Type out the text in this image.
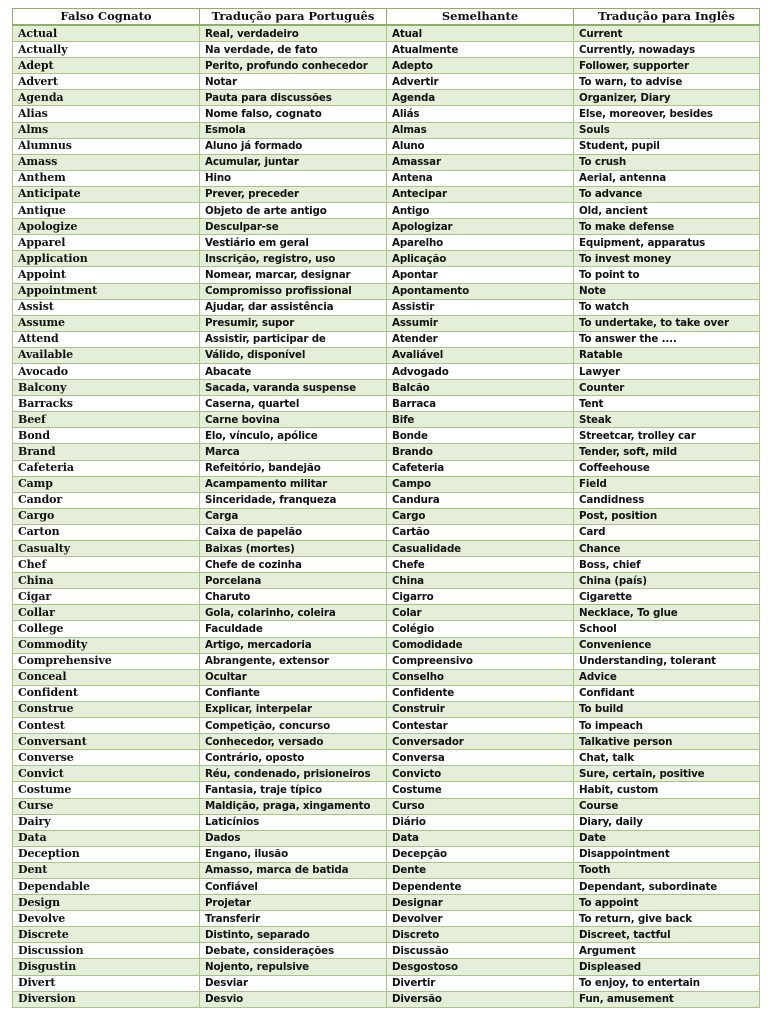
Falso Cognato	Tradução para Português	Semelhante	Tradução para Inglês
Actual	Real, verdadeiro	Atual	Current
Actually	Na verdade, de fato	Atualmente	Currently, nowadays
Adept	Perito, profundo conhecedor	Adepto	Follower, supporter
Advert	Notar	Advertir	To warn, to advise
Agenda	Pauta para discussões	Agenda	Organizer, Diary
Alias	Nome falso, cognato	Aliás	Else, moreover, besides
Alms	Esmola	Almas	Souls
Alumnus	Aluno já formado	Aluno	Student, pupil
Amass	Acumular, juntar	Amassar	To crush
Anthem	Hino	Antena	Aerial, antenna
Anticipate	Prever, preceder	Antecipar	To advance
Antique	Objeto de arte antigo	Antigo	Old, ancient
Apologize	Desculpar-se	Apologizar	To make defense
Apparel	Vestiário em geral	Aparelho	Equipment, apparatus
Application	Inscrição, registro, uso	Aplicação	To invest money
Appoint	Nomear, marcar, designar	Apontar	To point to
Appointment	Compromisso profissional	Apontamento	Note
Assist	Ajudar, dar assistência	Assistir	To watch
Assume	Presumir, supor	Assumir	To undertake, to take over
Attend	Assistir, participar de	Atender	To answer the ....
Available	Válido, disponível	Avaliável	Ratable
Avocado	Abacate	Advogado	Lawyer
Balcony	Sacada, varanda suspense	Balcão	Counter
Barracks	Caserna, quartel	Barraca	Tent
Beef	Carne bovina	Bife	Steak
Bond	Elo, vínculo, apólice	Bonde	Streetcar, trolley car
Brand	Marca	Brando	Tender, soft, mild
Cafeteria	Refeitório, bandejão	Cafeteria	Coffeehouse
Camp	Acampamento militar	Campo	Field
Candor	Sinceridade, franqueza	Candura	Candidness
Cargo	Carga	Cargo	Post, position
Carton	Caixa de papelão	Cartão	Card
Casualty	Baixas (mortes)	Casualidade	Chance
Chef	Chefe de cozinha	Chefe	Boss, chief
China	Porcelana	China	China (país)
Cigar	Charuto	Cigarro	Cigarette
Collar	Gola, colarinho, coleira	Colar	Necklace, To glue
College	Faculdade	Colégio	School
Commodity	Artigo, mercadoria	Comodidade	Convenience
Comprehensive	Abrangente, extensor	Compreensivo	Understanding, tolerant
Conceal	Ocultar	Conselho	Advice
Confident	Confiante	Confidente	Confidant
Construe	Explicar, interpelar	Construir	To build
Contest	Competição, concurso	Contestar	To impeach
Conversant	Conhecedor, versado	Conversador	Talkative person
Converse	Contrário, oposto	Conversa	Chat, talk
Convict	Réu, condenado, prisioneiros	Convicto	Sure, certain, positive
Costume	Fantasia, traje típico	Costume	Habit, custom
Curse	Maldição, praga, xingamento	Curso	Course
Dairy	Laticínios	Diário	Diary, daily
Data	Dados	Data	Date
Deception	Engano, ilusão	Decepção	Disappointment
Dent	Amasso, marca de batida	Dente	Tooth
Dependable	Confiável	Dependente	Dependant, subordinate
Design	Projetar	Designar	To appoint
Devolve	Transferir	Devolver	To return, give back
Discrete	Distinto, separado	Discreto	Discreet, tactful
Discussion	Debate, considerações	Discussão	Argument
Disgustin	Nojento, repulsive	Desgostoso	Displeased
Divert	Desviar	Divertir	To enjoy, to entertain
Diversion	Desvio	Diversão	Fun, amusement
